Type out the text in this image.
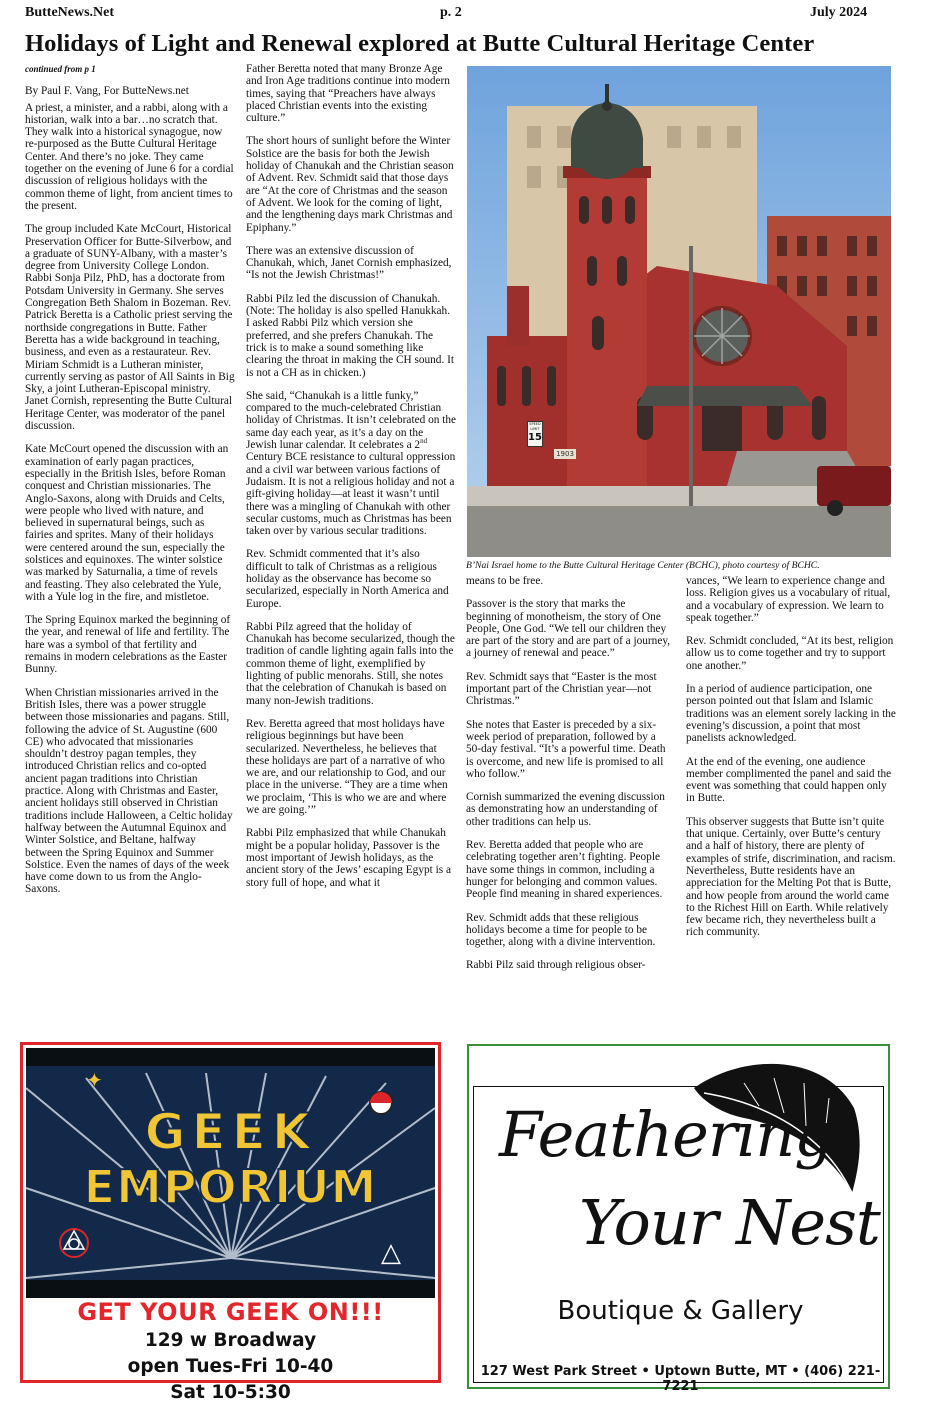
ButteNews.Net	p. 2	July 2024
Holidays of Light and Renewal explored at Butte Cultural Heritage Center
continued from p 1

By Paul F. Vang, For ButteNews.net

A priest, a minister, and a rabbi, along with a historian, walk into a bar…no scratch that. They walk into a historical synagogue, now re-purposed as the Butte Cultural Heritage Center. And there’s no joke. They came together on the evening of June 6 for a cordial discussion of religious holidays with the common theme of light, from ancient times to the present.

The group included Kate McCourt, Historical Preservation Officer for Butte-Silverbow, and a graduate of SUNY-Albany, with a master’s degree from University College London. Rabbi Sonja Pilz, PhD, has a doctorate from Potsdam University in Germany. She serves Congregation Beth Shalom in Bozeman. Rev. Patrick Beretta is a Catholic priest serving the northside congregations in Butte. Father Beretta has a wide background in teaching, business, and even as a restaurateur. Rev. Miriam Schmidt is a Lutheran minister, currently serving as pastor of All Saints in Big Sky, a joint Lutheran-Episcopal ministry. Janet Cornish, representing the Butte Cultural Heritage Center, was moderator of the panel discussion.

Kate McCourt opened the discussion with an examination of early pagan practices, especially in the British Isles, before Roman conquest and Christian missionaries. The Anglo-Saxons, along with Druids and Celts, were people who lived with nature, and believed in supernatural beings, such as fairies and sprites. Many of their holidays were centered around the sun, especially the solstices and equinoxes. The winter solstice was marked by Saturnalia, a time of revels and feasting. They also celebrated the Yule, with a Yule log in the fire, and mistletoe.

The Spring Equinox marked the beginning of the year, and renewal of life and fertility. The hare was a symbol of that fertility and remains in modern celebrations as the Easter Bunny.

When Christian missionaries arrived in the British Isles, there was a power struggle between those missionaries and pagans. Still, following the advice of St. Augustine (600 CE) who advocated that missionaries shouldn’t destroy pagan temples, they introduced Christian relics and co-opted ancient pagan traditions into Christian practice. Along with Christmas and Easter, ancient holidays still observed in Christian traditions include Halloween, a Celtic holiday halfway between the Autumnal Equinox and Winter Solstice, and Beltane, halfway between the Spring Equinox and Summer Solstice. Even the names of days of the week have come down to us from the Anglo-Saxons.

Father Beretta noted that many Bronze Age and Iron Age traditions continue into modern times, saying that “Preachers have always placed Christian events into the existing culture.”

The short hours of sunlight before the Winter Solstice are the basis for both the Jewish holiday of Chanukah and the Christian season of Advent. Rev. Schmidt said that those days are “At the core of Christmas and the season of Advent. We look for the coming of light, and the lengthening days mark Christmas and Epiphany.”

There was an extensive discussion of Chanukah, which, Janet Cornish emphasized, “Is not the Jewish Christmas!”

Rabbi Pilz led the discussion of Chanukah. (Note: The holiday is also spelled Hanukkah. I asked Rabbi Pilz which version she preferred, and she prefers Chanukah. The trick is to make a sound something like clearing the throat in making the CH sound. It is not a CH as in chicken.)

She said, “Chanukah is a little funky,” compared to the much-celebrated Christian holiday of Christmas. It isn’t celebrated on the same day each year, as it’s a day on the Jewish lunar calendar. It celebrates a 2nd Century BCE resistance to cultural oppression and a civil war between various factions of Judaism. It is not a religious holiday and not a gift-giving holiday—at least it wasn’t until there was a mingling of Chanukah with other secular customs, much as Christmas has been taken over by various secular traditions.

Rev. Schmidt commented that it’s also difficult to talk of Christmas as a religious holiday as the observance has become so secularized, especially in North America and Europe.

Rabbi Pilz agreed that the holiday of Chanukah has become secularized, though the tradition of candle lighting again falls into the common theme of light, exemplified by lighting of public menorahs. Still, she notes that the celebration of Chanukah is based on many non-Jewish traditions.

Rev. Beretta agreed that most holidays have religious beginnings but have been secularized. Nevertheless, he believes that these holidays are part of a narrative of who we are, and our relationship to God, and our place in the universe. “They are a time when we proclaim, ‘This is who we are and where we are going.’”

Rabbi Pilz emphasized that while Chanukah might be a popular holiday, Passover is the most important of Jewish holidays, as the ancient story of the Jews’ escaping Egypt is a story full of hope, and what it

1903
SPEED LIMIT
15
B’Nai Israel home to the Butte Cultural Heritage Center (BCHC), photo courtesy of BCHC.

means to be free.

Passover is the story that marks the beginning of monotheism, the story of One People, One God. “We tell our children they are part of the story and are part of a journey, a journey of renewal and peace.”

Rev. Schmidt says that “Easter is the most important part of the Christian year—not Christmas.”

She notes that Easter is preceded by a six-week period of preparation, followed by a 50-day festival. “It’s a powerful time. Death is overcome, and new life is promised to all who follow.”

Cornish summarized the evening discussion as demonstrating how an understanding of other traditions can help us.

Rev. Beretta added that people who are celebrating together aren’t fighting. People have some things in common, including a hunger for belonging and common values. People find meaning in shared experiences.

Rev. Schmidt adds that these religious holidays become a time for people to be together, along with a divine intervention.

Rabbi Pilz said through religious obser-

vances, “We learn to experience change and loss. Religion gives us a vocabulary of ritual, and a vocabulary of expression. We learn to speak together.”

Rev. Schmidt concluded, “At its best, religion allow us to come together and try to support one another.”

In a period of audience participation, one person pointed out that Islam and Islamic traditions was an element sorely lacking in the evening’s discussion, a point that most panelists acknowledged.

At the end of the evening, one audience member complimented the panel and said the event was something that could happen only in Butte.

This observer suggests that Butte isn’t quite that unique. Certainly, over Butte’s century and a half of history, there are plenty of examples of strife, discrimination, and racism. Nevertheless, Butte residents have an appreciation for the Melting Pot that is Butte, and how people from around the world came to the Richest Hill on Earth. While relatively few became rich, they nevertheless built a rich community.

GEEK
EMPORIUM
✦
△
GET YOUR GEEK ON!!!
129 w Broadway
open Tues-Fri 10-40
Sat 10-5:30
Feathering
Your Nest
Boutique & Gallery
127 West Park Street • Uptown Butte, MT • (406) 221-7221
